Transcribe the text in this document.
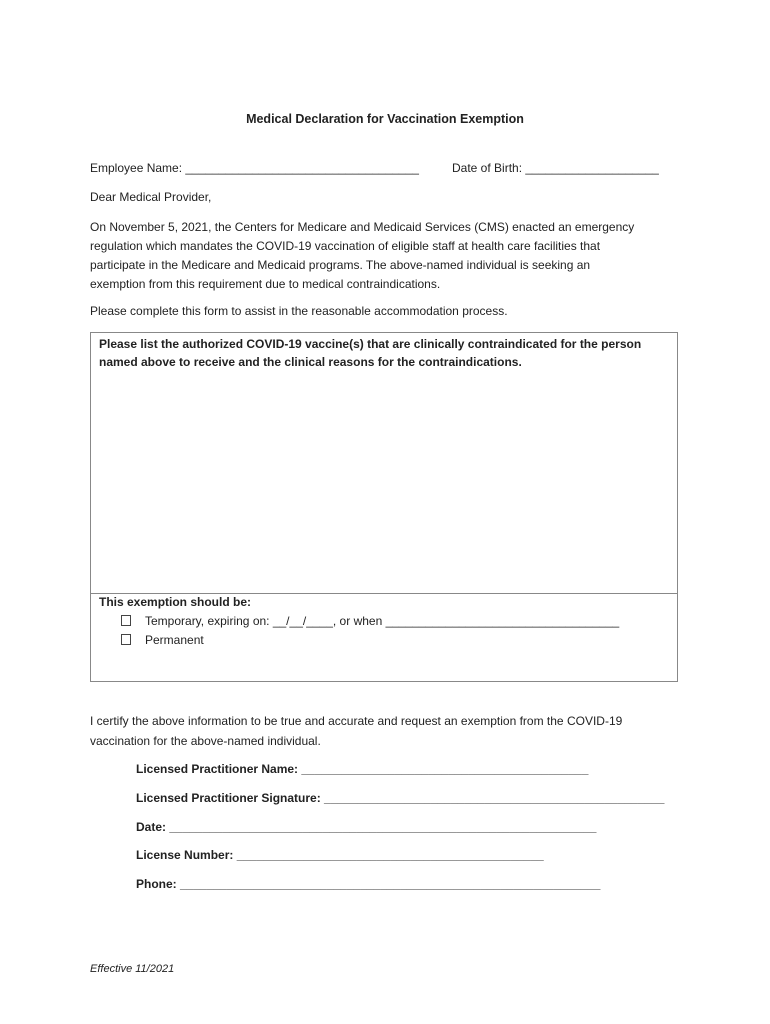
Medical Declaration for Vaccination Exemption
Employee Name: ___________________________________	Date of Birth: ____________________
Dear Medical Provider,
On November 5, 2021, the Centers for Medicare and Medicaid Services (CMS) enacted an emergency
regulation which mandates the COVID-19 vaccination of eligible staff at health care facilities that
participate in the Medicare and Medicaid programs. The above-named individual is seeking an
exemption from this requirement due to medical contraindications.
Please complete this form to assist in the reasonable accommodation process.
Please list the authorized COVID-19 vaccine(s) that are clinically contraindicated for the person
named above to receive and the clinical reasons for the contraindications.
This exemption should be:
Temporary, expiring on: __/__/____, or when ___________________________________
Permanent
I certify the above information to be true and accurate and request an exemption from the COVID-19
vaccination for the above-named individual.
Licensed Practitioner Name: ___________________________________________
Licensed Practitioner Signature: ___________________________________________________
Date: ________________________________________________________________
License Number: ______________________________________________
Phone: _______________________________________________________________
Effective 11/2021
